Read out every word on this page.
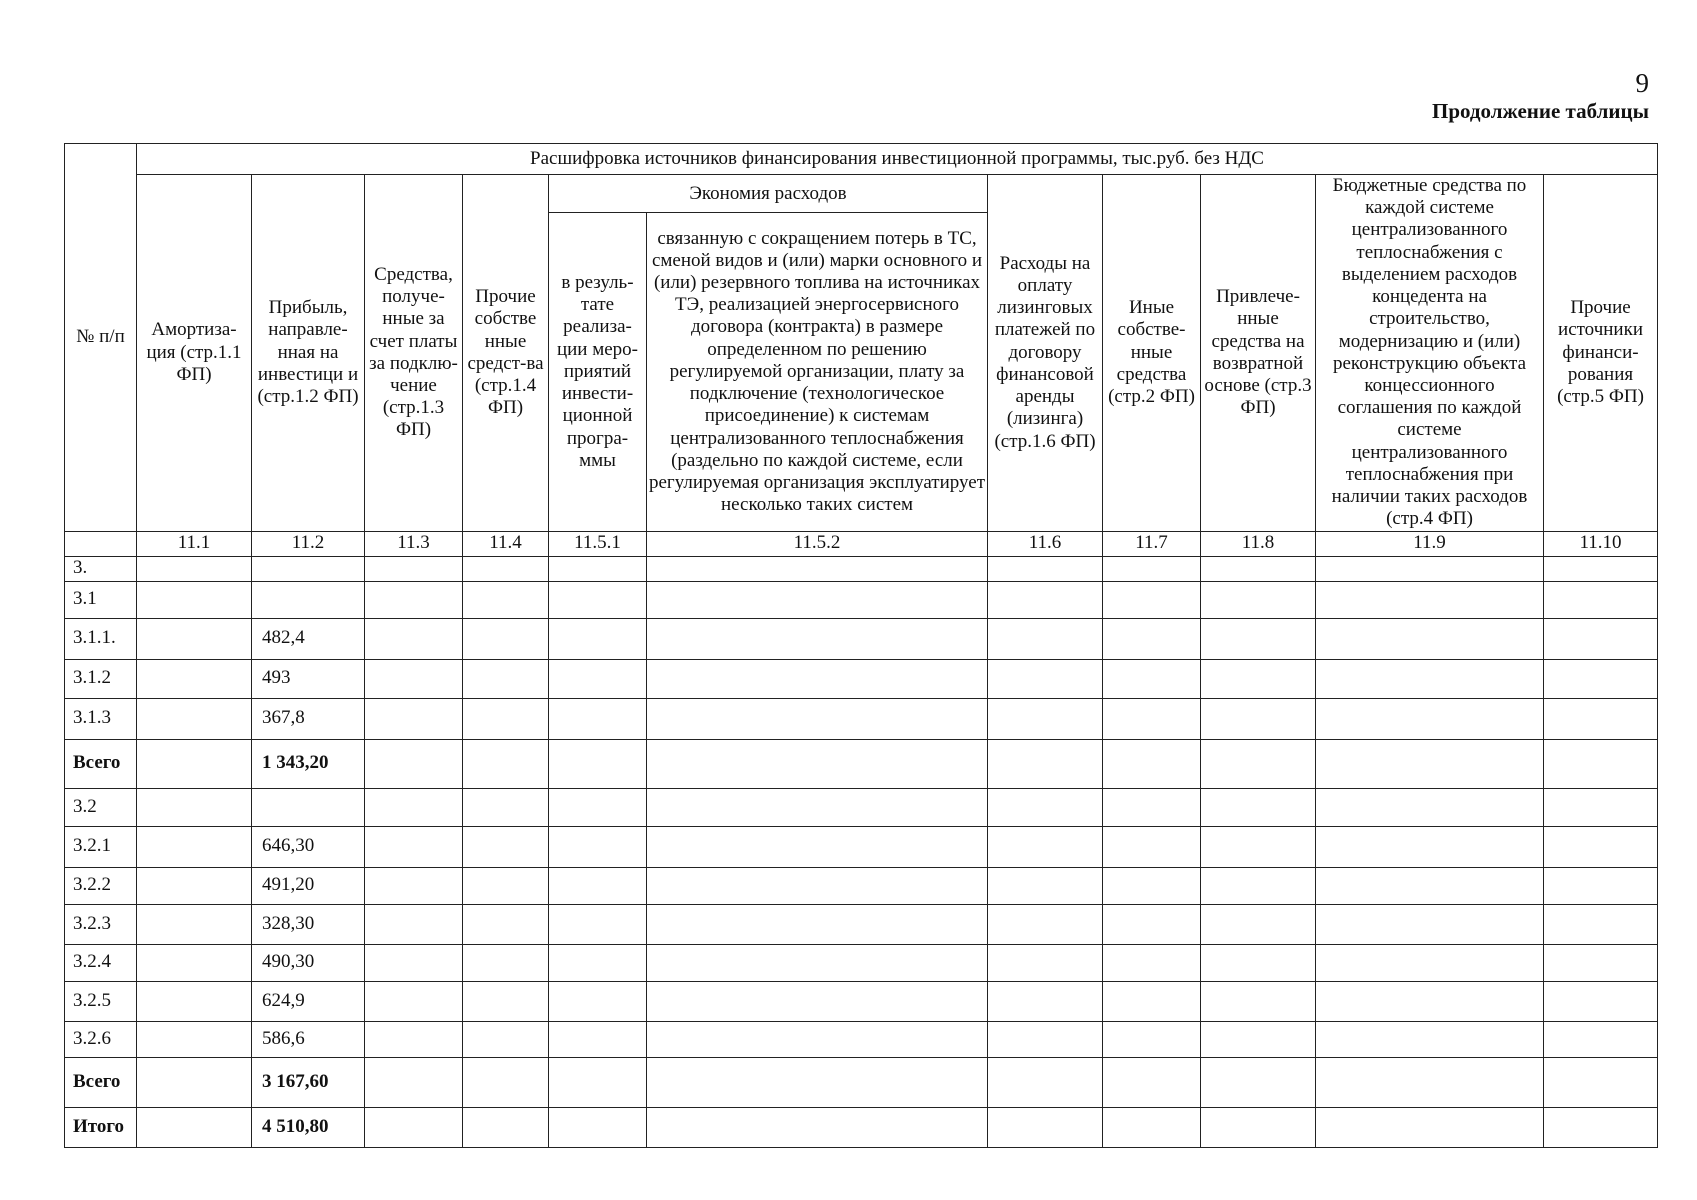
9
Продолжение таблицы
№ п/п	Расшифровка источников финансирования инвестиционной программы, тыс.руб. без НДС										
	Амортиза-ция (стр.1.1 ФП)	Прибыль, направле-нная на инвестици и (стр.1.2 ФП)	Средства, получе-нные за счет платы за подклю-чение (стр.1.3 ФП)	Прочие собстве нные средст-ва (стр.1.4 ФП)	Экономия расходов		Расходы на оплату лизинговых платежей по договору финансовой аренды (лизинга) (стр.1.6 ФП)	Иные собстве-нные средства (стр.2 ФП)	Привлече-нные средства на возвратной основе (стр.3 ФП)	Бюджетные средства по каждой системе централизованного теплоснабжения с выделением расходов концедента на строительство, модернизацию и (или) реконструкцию объекта концессионного соглашения по каждой системе централизованного теплоснабжения при наличии таких расходов (стр.4 ФП)	Прочие источники финанси-рования (стр.5 ФП)
					в резуль-тате реализа-ции меро-приятий инвести-ционной програ-ммы	связанную с сокращением потерь в ТС, сменой видов и (или) марки основного и (или) резервного топлива на источниках ТЭ, реализацией энергосервисного договора (контракта) в размере определенном по решению регулируемой организации, плату за подключение (технологическое присоединение) к системам централизованного теплоснабжения (раздельно по каждой системе, если регулируемая организация эксплуатирует несколько таких систем					
	11.1	11.2	11.3	11.4	11.5.1	11.5.2	11.6	11.7	11.8	11.9	11.10
3.											
3.1											
3.1.1.		482,4									
3.1.2		493									
3.1.3		367,8									
Всего		1 343,20									
3.2											
3.2.1		646,30									
3.2.2		491,20									
3.2.3		328,30									
3.2.4		490,30									
3.2.5		624,9									
3.2.6		586,6									
Всего		3 167,60									
Итого		4 510,80									
